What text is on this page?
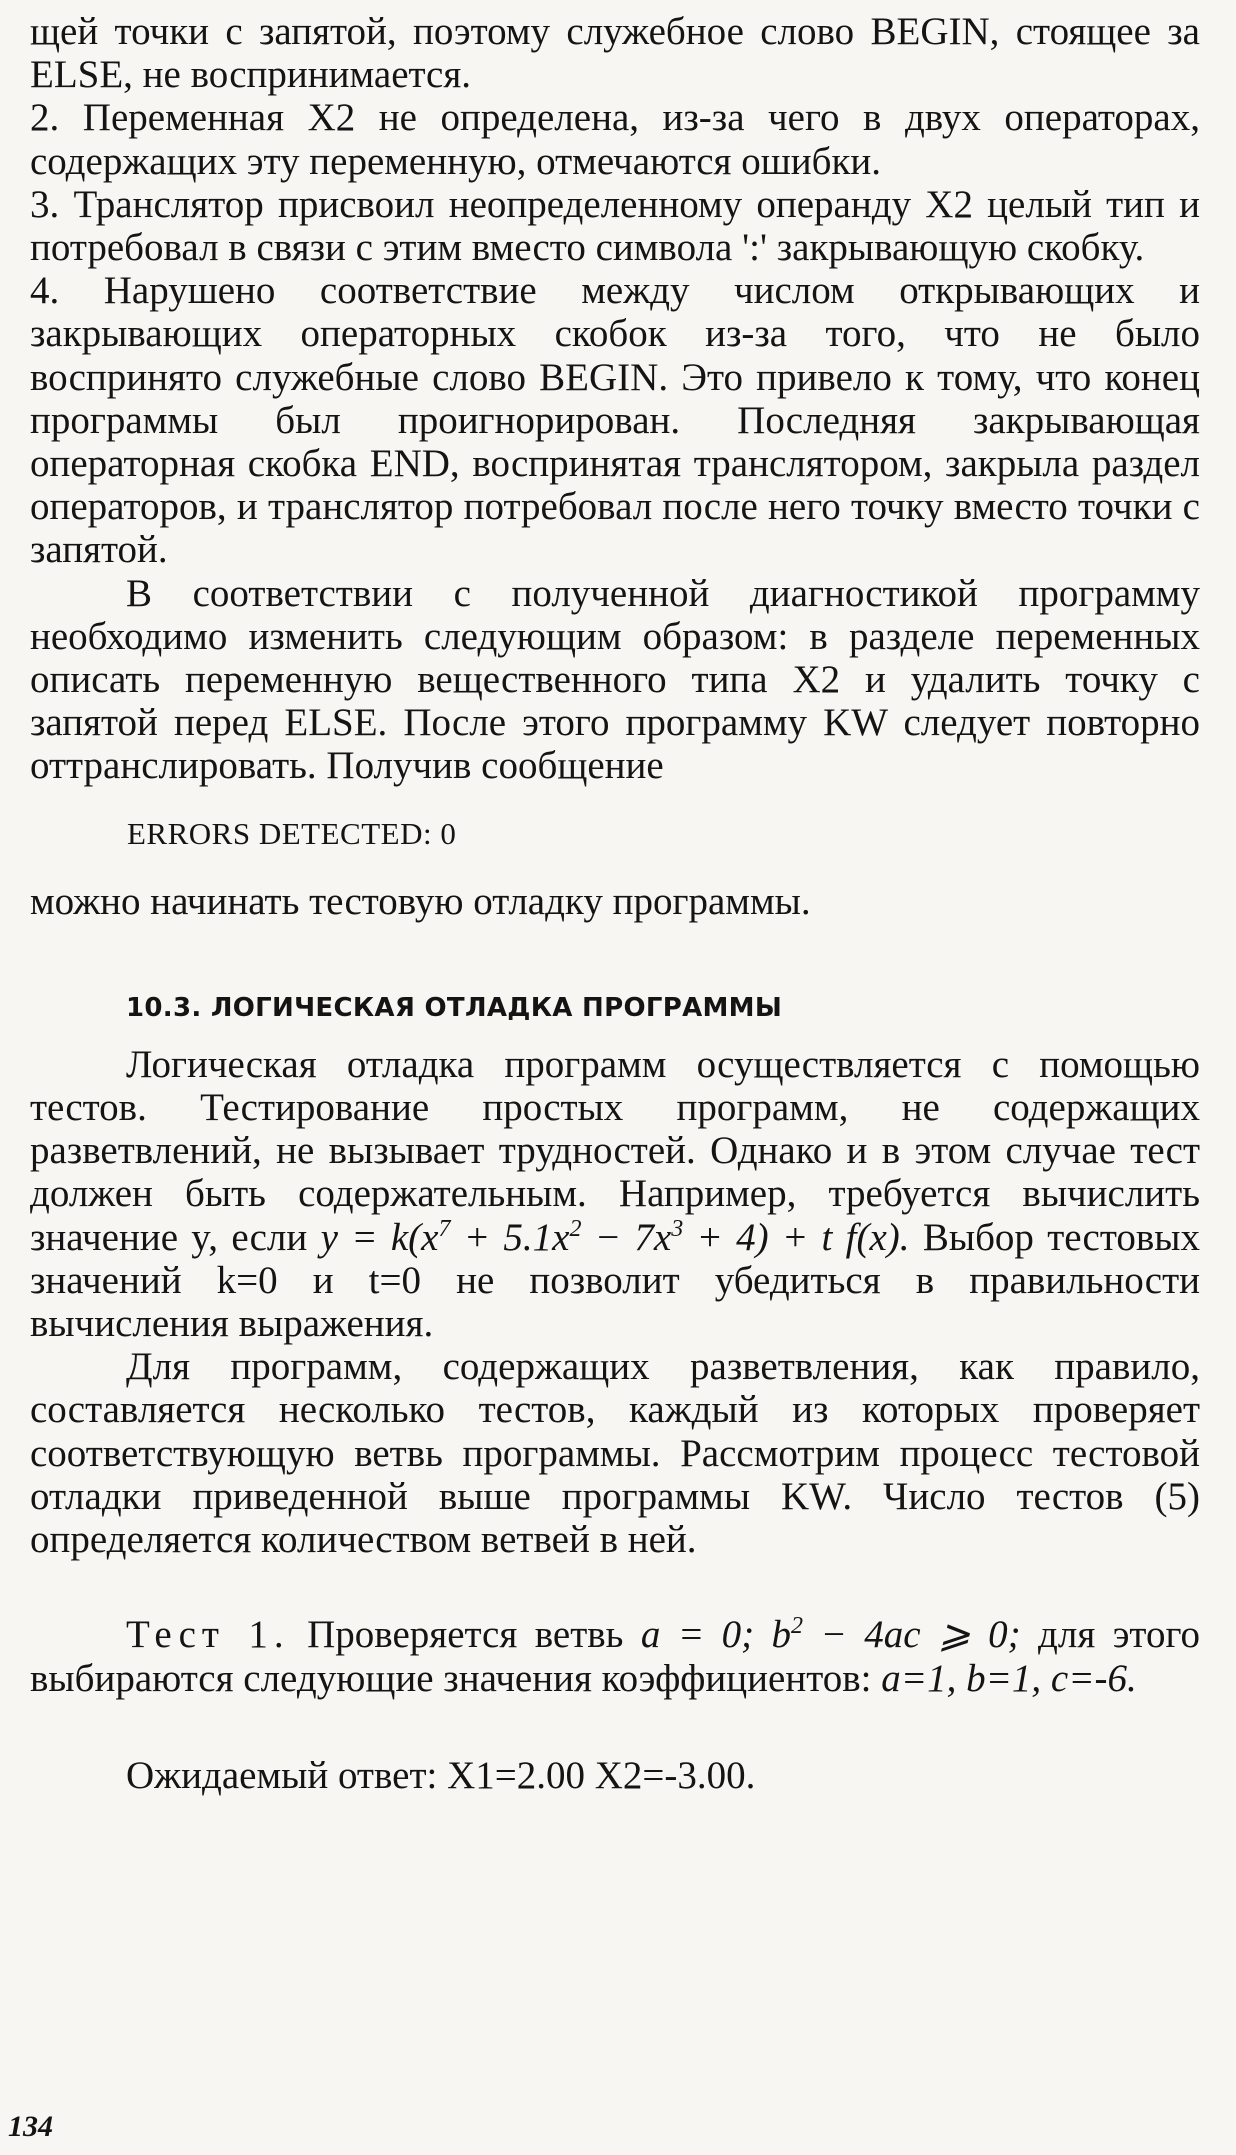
щей точки с запятой, поэтому служебное слово BEGIN, стоящее за ELSE, не воспринимается.

2. Переменная X2 не определена, из-за чего в двух операторах, содержащих эту переменную, отмечаются ошибки.

3. Транслятор присвоил неопределенному операнду X2 целый тип и потребовал в связи с этим вместо символа ':' закрывающую скобку.

4. Нарушено соответствие между числом открывающих и закрывающих операторных скобок из-за того, что не было воспринято служебные слово BEGIN. Это привело к тому, что конец программы был проигнорирован. Последняя закрывающая операторная скобка END, воспринятая транслятором, закрыла раздел операторов, и транслятор потребовал после него точку вместо точки с запятой.

В соответствии с полученной диагностикой программу необходимо изменить следующим образом: в разделе переменных описать переменную вещественного типа X2 и удалить точку с запятой перед ELSE. После этого программу KW следует повторно оттранслировать. Получив сообщение

ERRORS DETECTED: 0

можно начинать тестовую отладку программы.

10.3. ЛОГИЧЕСКАЯ ОТЛАДКА ПРОГРАММЫ

Логическая отладка программ осуществляется с помощью тестов. Тестирование простых программ, не содержащих разветвлений, не вызывает трудностей. Однако и в этом случае тест должен быть содержательным. Например, требуется вычислить значение y, если $y = k(x^7 + 5.1x^2 - 7x^3 + 4) + t$ f(x). Выбор тестовых значений k=0 и t=0 не позволит убедиться в правильности вычисления выражения.

Для программ, содержащих разветвления, как правило, составляется несколько тестов, каждый из которых проверяет соответствующую ветвь программы. Рассмотрим процесс тестовой отладки приведенной выше программы KW. Число тестов (5) определяется количеством ветвей в ней.

Тест 1. Проверяется ветвь a = 0; $b^2 - 4ac$ ⩾ 0; для этого выбираются следующие значения коэффициентов: a=1, b=1, c=-6.

Ожидаемый ответ: X1=2.00 X2=-3.00.

134
